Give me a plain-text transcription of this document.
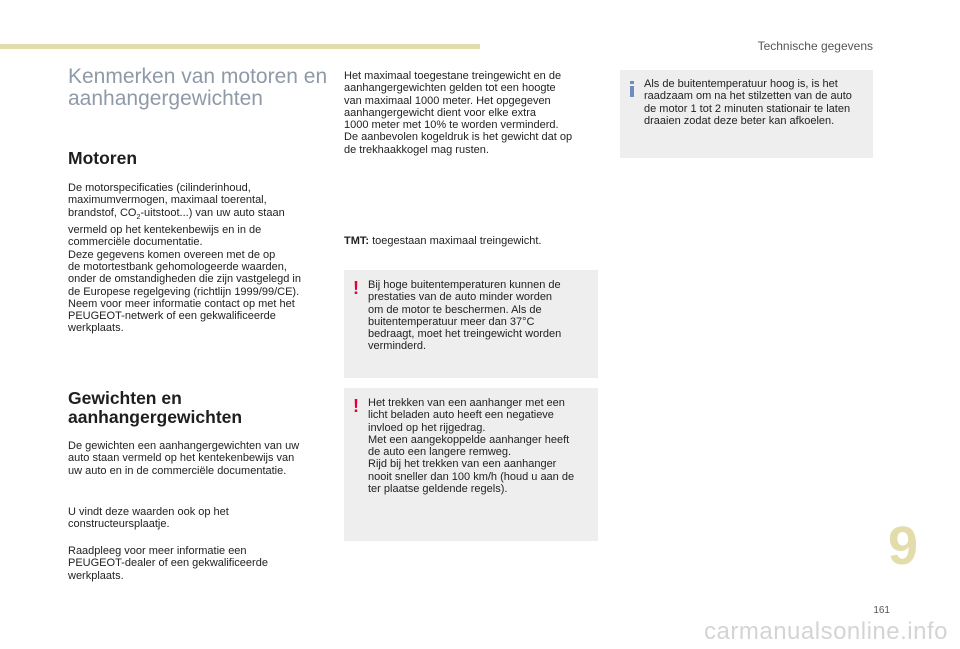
Technische gegevens
Kenmerken van motoren en aanhangergewichten
Motoren

De motorspecificaties (cilinderinhoud,
maximumvermogen, maximaal toerental,
brandstof, $CO_2-uitstoot$...) van uw auto staan
vermeld op het kentekenbewijs en in de
commerciële documentatie.
Deze gegevens komen overeen met de op
de motortestbank gehomologeerde waarden,
onder de omstandigheden die zijn vastgelegd in
de Europese regelgeving (richtlijn 1999/99/CE).
Neem voor meer informatie contact op met het
PEUGEOT-netwerk of een gekwalificeerde
werkplaats.

Gewichten en aanhangergewichten

De gewichten een aanhangergewichten van uw
auto staan vermeld op het kentekenbewijs van
uw auto en in de commerciële documentatie.

U vindt deze waarden ook op het
constructeursplaatje.

Raadpleeg voor meer informatie een
PEUGEOT-dealer of een gekwalificeerde
werkplaats.

Het maximaal toegestane treingewicht en de
aanhangergewichten gelden tot een hoogte
van maximaal 1000 meter. Het opgegeven
aanhangergewicht dient voor elke extra
1000 meter met 10% te worden verminderd.
De aanbevolen kogeldruk is het gewicht dat op
de trekhaakkogel mag rusten.

TMT: toegestaan maximaal treingewicht.

! Bij hoge buitentemperaturen kunnen de
prestaties van de auto minder worden
om de motor te beschermen. Als de
buitentemperatuur meer dan 37°C
bedraagt, moet het treingewicht worden
verminderd.
! Het trekken van een aanhanger met een
licht beladen auto heeft een negatieve
invloed op het rijgedrag.
Met een aangekoppelde aanhanger heeft
de auto een langere remweg.
Rijd bij het trekken van een aanhanger
nooit sneller dan 100 km/h (houd u aan de
ter plaatse geldende regels).
Als de buitentemperatuur hoog is, is het
raadzaam om na het stilzetten van de auto
de motor 1 tot 2 minuten stationair te laten
draaien zodat deze beter kan afkoelen.
9
161
carmanualsonline.info
